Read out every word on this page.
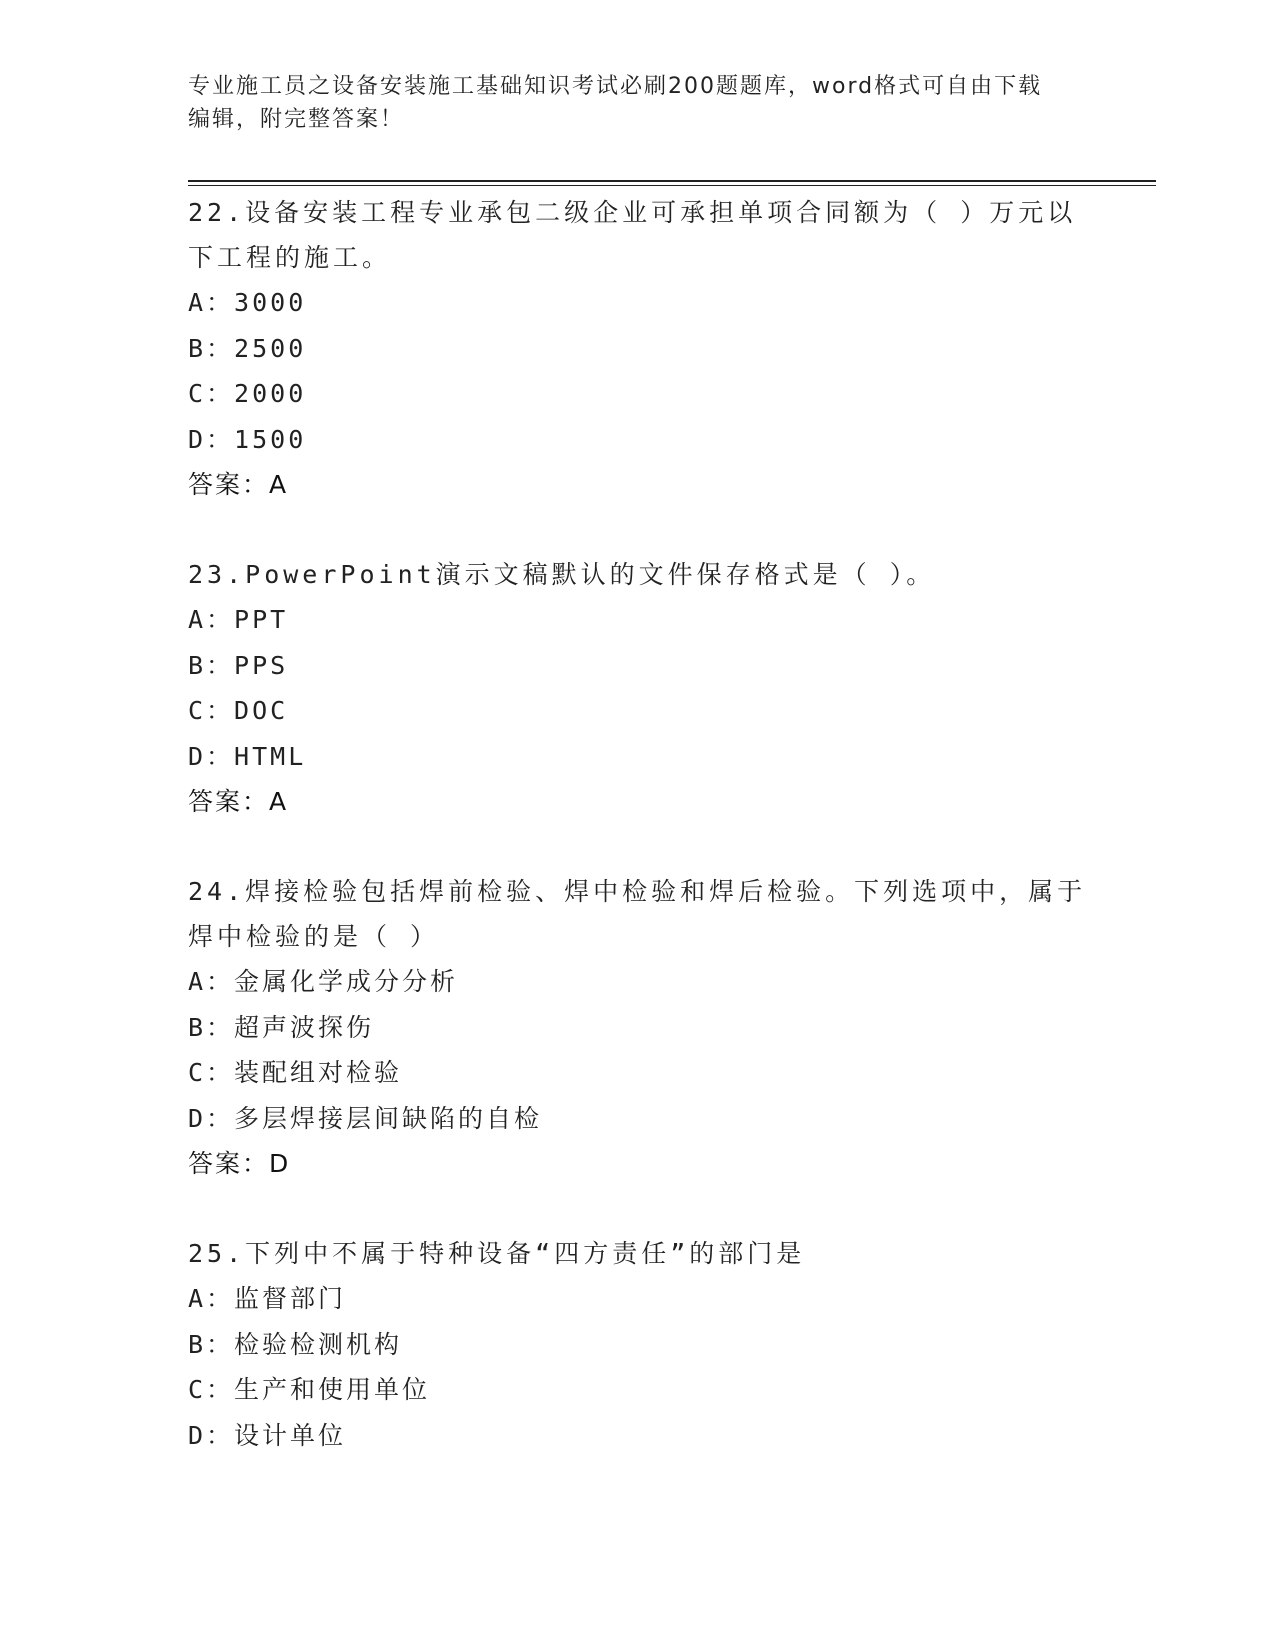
专业施工员之设备安装施工基础知识考试必刷200题题库，word格式可自由下载
编辑，附完整答案！
22.设备安装工程专业承包二级企业可承担单项合同额为（ ）万元以
下工程的施工。
A：3000
B：2500
C：2000
D：1500
答案：A
23.PowerPoint演示文稿默认的文件保存格式是（ ）。
A：PPT
B：PPS
C：DOC
D：HTML
答案：A
24.焊接检验包括焊前检验、焊中检验和焊后检验。下列选项中，属于
焊中检验的是（ ）
A：金属化学成分分析
B：超声波探伤
C：装配组对检验
D：多层焊接层间缺陷的自检
答案：D
25.下列中不属于特种设备“四方责任”的部门是
A：监督部门
B：检验检测机构
C：生产和使用单位
D：设计单位
